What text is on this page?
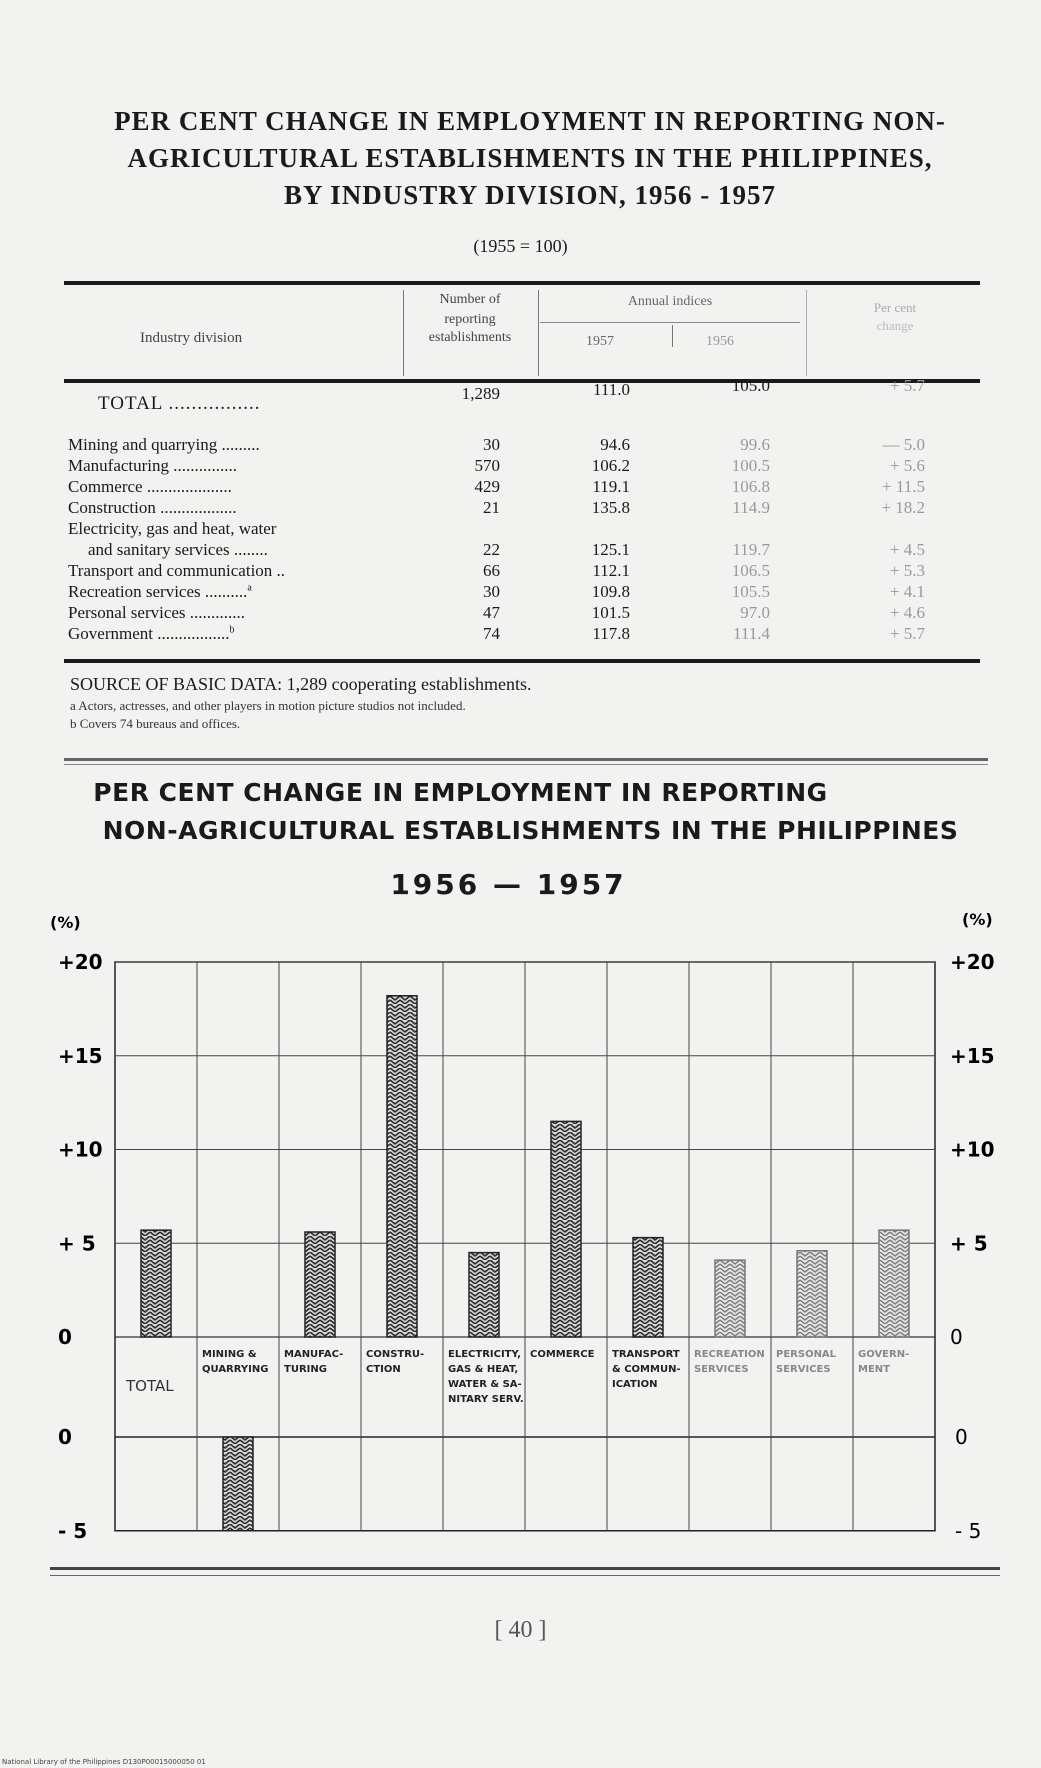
PER CENT CHANGE IN EMPLOYMENT IN REPORTING NON-
AGRICULTURAL ESTABLISHMENTS IN THE PHILIPPINES,
BY INDUSTRY DIVISION, 1956 - 1957
(1955 = 100)
Industry division
Number of
reporting
establishments
Annual indices
1957	1956
Per cent
change
TOTAL ................	1,289	111.0	105.0	+ 5.7
Mining and quarrying .........	30	94.6	99.6	— 5.0
Manufacturing ...............	570	106.2	100.5	+ 5.6
Commerce ....................	429	119.1	106.8	+ 11.5
Construction ..................	21	135.8	114.9	+ 18.2
Electricity, gas and heat, water
and sanitary services ........	22	125.1	119.7	+ 4.5
Transport and communication ..	66	112.1	106.5	+ 5.3
Recreation services ..........$^a$	30	109.8	105.5	+ 4.1
Personal services .............	47	101.5	97.0	+ 4.6
Government .................$^b$	74	117.8	111.4	+ 5.7
SOURCE OF BASIC DATA: 1,289 cooperating establishments.
a Actors, actresses, and other players in motion picture studios not included.
b Covers 74 bureaus and offices.
PER CENT CHANGE IN EMPLOYMENT IN REPORTING
NON-AGRICULTURAL ESTABLISHMENTS IN THE PHILIPPINES
1956 — 1957
(%)	(%)
+20
+15
+10
+ 5
0
+20
+15
+10
+ 5
0
0
- 5
0
- 5
TOTAL
MINING &
QUARRYING
MANUFAC-
TURING
CONSTRU-
CTION
ELECTRICITY,
GAS & HEAT,
WATER & SA-
NITARY SERV.
COMMERCE TRANSPORT
& COMMUN-
ICATION
RECREATION
SERVICES
PERSONAL
SERVICES
GOVERN-
MENT
[ 40 ]
National Library of the Philippines D130P00015000050 01
